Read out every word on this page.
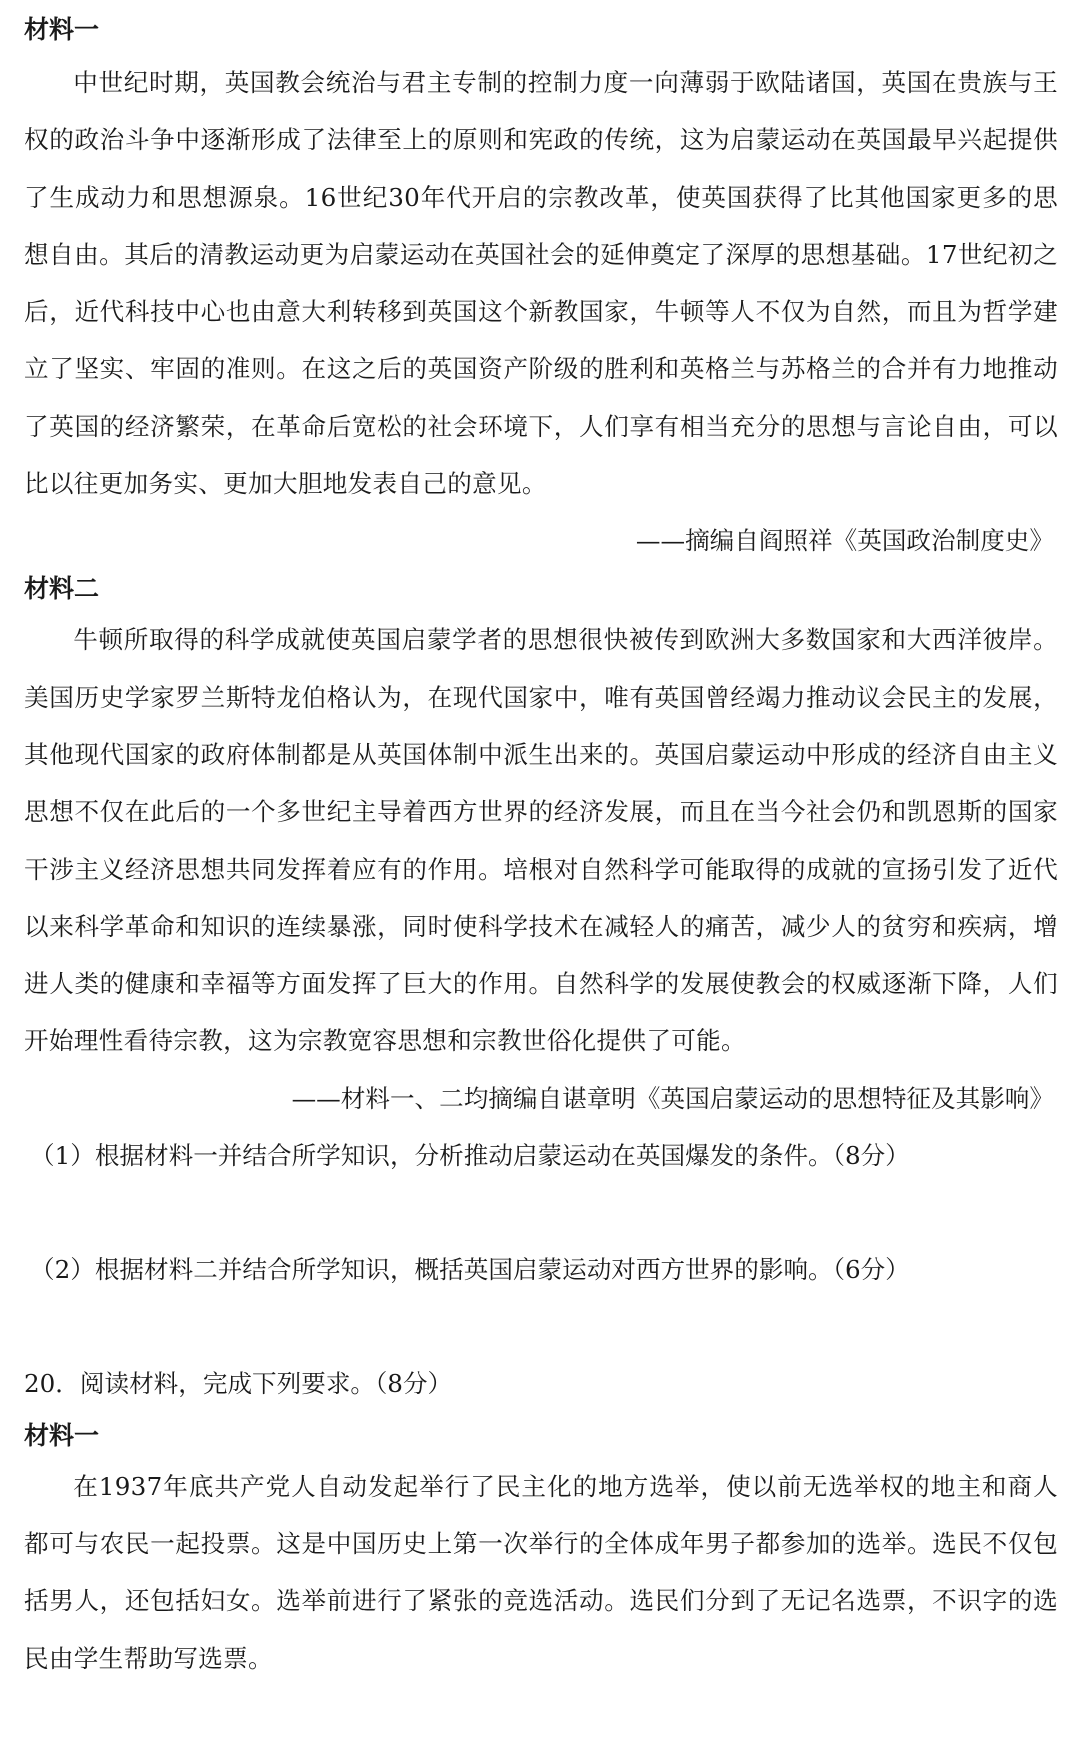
材料一

中世纪时期，英国教会统治与君主专制的控制力度一向薄弱于欧陆诸国，英国在贵族与王权的政治斗争中逐渐形成了法律至上的原则和宪政的传统，这为启蒙运动在英国最早兴起提供了生成动力和思想源泉。16世纪30年代开启的宗教改革，使英国获得了比其他国家更多的思想自由。其后的清教运动更为启蒙运动在英国社会的延伸奠定了深厚的思想基础。17世纪初之后，近代科技中心也由意大利转移到英国这个新教国家，牛顿等人不仅为自然，而且为哲学建立了坚实、牢固的准则。在这之后的英国资产阶级的胜利和英格兰与苏格兰的合并有力地推动了英国的经济繁荣，在革命后宽松的社会环境下，人们享有相当充分的思想与言论自由，可以比以往更加务实、更加大胆地发表自己的意见。

——摘编自阎照祥《英国政治制度史》

材料二

牛顿所取得的科学成就使英国启蒙学者的思想很快被传到欧洲大多数国家和大西洋彼岸。美国历史学家罗兰斯特龙伯格认为，在现代国家中，唯有英国曾经竭力推动议会民主的发展，其他现代国家的政府体制都是从英国体制中派生出来的。英国启蒙运动中形成的经济自由主义思想不仅在此后的一个多世纪主导着西方世界的经济发展，而且在当今社会仍和凯恩斯的国家干涉主义经济思想共同发挥着应有的作用。培根对自然科学可能取得的成就的宣扬引发了近代以来科学革命和知识的连续暴涨，同时使科学技术在减轻人的痛苦，减少人的贫穷和疾病，增进人类的健康和幸福等方面发挥了巨大的作用。自然科学的发展使教会的权威逐渐下降，人们开始理性看待宗教，这为宗教宽容思想和宗教世俗化提供了可能。

——材料一、二均摘编自谌章明《英国启蒙运动的思想特征及其影响》

（1）根据材料一并结合所学知识，分析推动启蒙运动在英国爆发的条件。（8分）

（2）根据材料二并结合所学知识，概括英国启蒙运动对西方世界的影响。（6分）

20．阅读材料，完成下列要求。（8分）

材料一

在1937年底共产党人自动发起举行了民主化的地方选举，使以前无选举权的地主和商人都可与农民一起投票。这是中国历史上第一次举行的全体成年男子都参加的选举。选民不仅包括男人，还包括妇女。选举前进行了紧张的竞选活动。选民们分到了无记名选票，不识字的选民由学生帮助写选票。
